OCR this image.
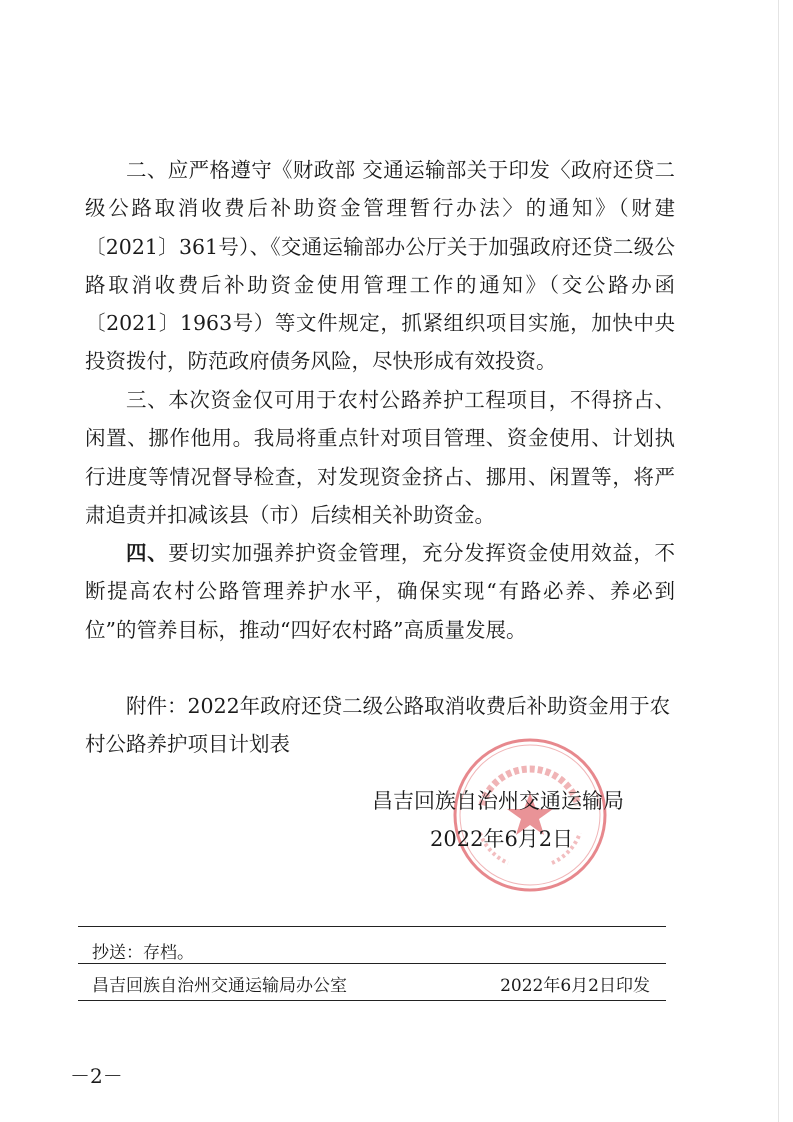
二、应严格遵守《财政部 交通运输部关于印发〈政府还贷二级公路取消收费后补助资金管理暂行办法〉的通知》（财建〔2021〕361号）、《交通运输部办公厅关于加强政府还贷二级公路取消收费后补助资金使用管理工作的通知》（交公路办函〔2021〕1963号）等文件规定，抓紧组织项目实施，加快中央投资拨付，防范政府债务风险，尽快形成有效投资。

三、本次资金仅可用于农村公路养护工程项目，不得挤占、闲置、挪作他用。我局将重点针对项目管理、资金使用、计划执行进度等情况督导检查，对发现资金挤占、挪用、闲置等，将严肃追责并扣减该县（市）后续相关补助资金。

四、要切实加强养护资金管理，充分发挥资金使用效益，不断提高农村公路管理养护水平，确保实现“有路必养、养必到位”的管养目标，推动“四好农村路”高质量发展。

附件：2022年政府还贷二级公路取消收费后补助资金用于农村公路养护项目计划表
昌吉回族自治州交通运输局
2022年6月2日
抄送：存档。
昌吉回族自治州交通运输局办公室	2022年6月2日印发
－2－
